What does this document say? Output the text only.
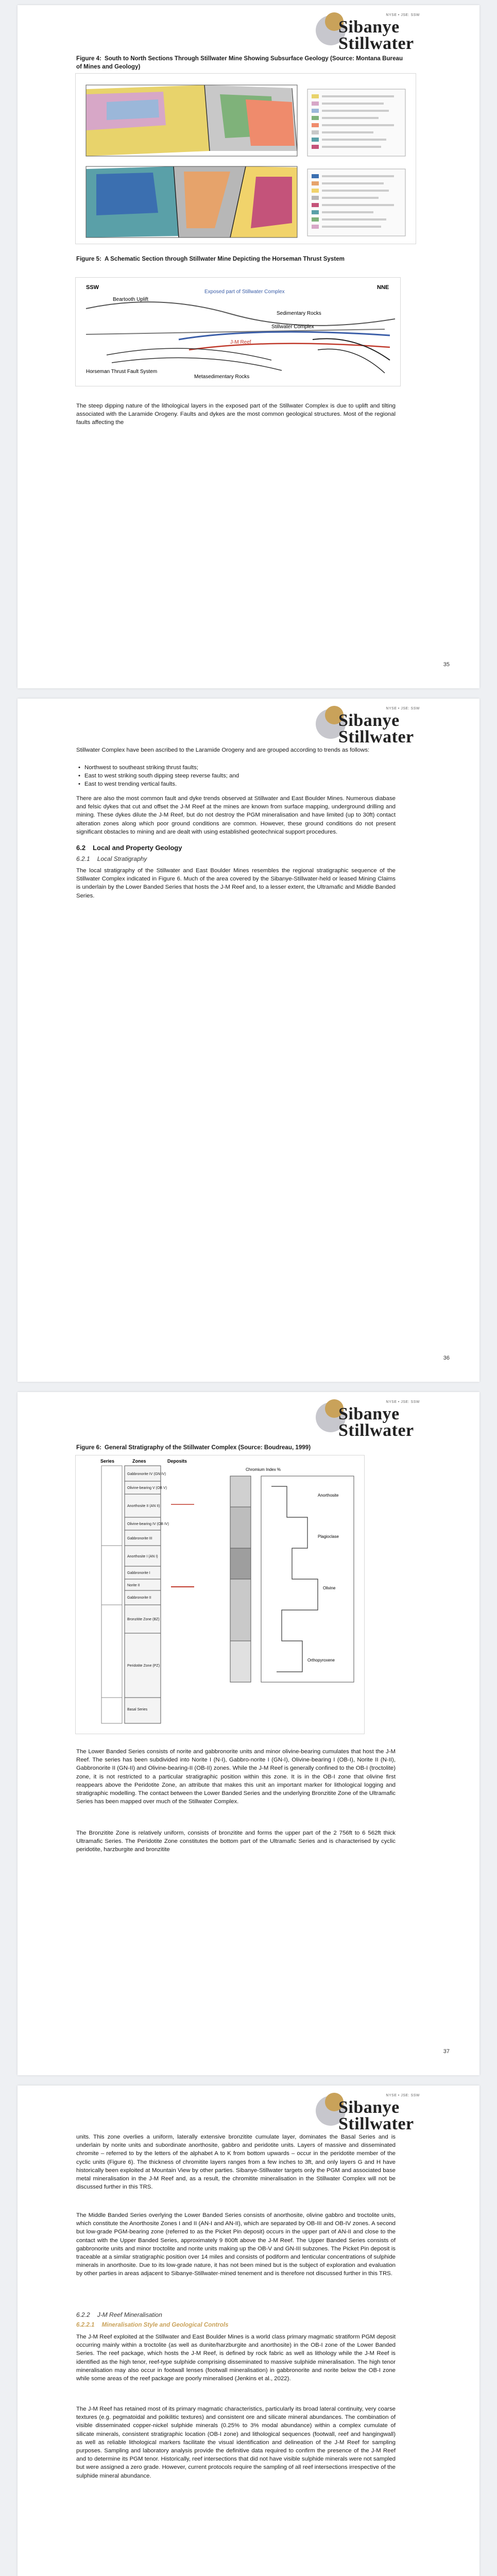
NYSE • JSE: SSW
Sibanye
Stillwater
Figure 4: South to North Sections Through Stillwater Mine Showing Subsurface Geology (Source: Montana Bureau of Mines and Geology)
Figure 5: A Schematic Section through Stillwater Mine Depicting the Horseman Thrust System
SSW	NNE
Beartooth Uplift
Exposed part of Stillwater Complex
Sedimentary Rocks
Stillwater Complex
J-M Reef
Horseman Thrust Fault System
Metasedimentary Rocks
The steep dipping nature of the lithological layers in the exposed part of the Stillwater Complex is due to uplift and tilting associated with the Laramide Orogeny. Faults and dykes are the most common geological structures. Most of the regional faults affecting the
35
NYSE • JSE: SSW
Sibanye
Stillwater
Stillwater Complex have been ascribed to the Laramide Orogeny and are grouped according to trends as follows:
• Northwest to southeast striking thrust faults;
• East to west striking south dipping steep reverse faults; and
• East to west trending vertical faults.
There are also the most common fault and dyke trends observed at Stillwater and East Boulder Mines. Numerous diabase and felsic dykes that cut and offset the J-M Reef at the mines are known from surface mapping, underground drilling and mining. These dykes dilute the J-M Reef, but do not destroy the PGM mineralisation and have limited (up to 30ft) contact alteration zones along which poor ground conditions are common. However, these ground conditions do not present significant obstacles to mining and are dealt with using established geotechnical support procedures.
6.2 Local and Property Geology
6.2.1 Local Stratigraphy
The local stratigraphy of the Stillwater and East Boulder Mines resembles the regional stratigraphic sequence of the Stillwater Complex indicated in Figure 6. Much of the area covered by the Sibanye-Stillwater-held or leased Mining Claims is underlain by the Lower Banded Series that hosts the J-M Reef and, to a lesser extent, the Ultramafic and Middle Banded Series.
36
NYSE • JSE: SSW
Sibanye
Stillwater
Figure 6: General Stratigraphy of the Stillwater Complex (Source: Boudreau, 1999)
Series	Zones	Deposits
Gabbronorite IV (GN IV)
Olivine-bearing V (OB V)
Anorthosite II (AN II)
Olivine-bearing IV (OB IV)
Gabbronorite III
Anorthosite I (AN I)
Gabbronorite I
Norite II
Gabbronorite II
Bronzitite Zone (BZ)
Peridotite Zone (PZ)
Basal Series
Chromium Index %
Anorthosite
Plagioclase
Olivine
Orthopyroxene
The Lower Banded Series consists of norite and gabbronorite units and minor olivine-bearing cumulates that host the J-M Reef. The series has been subdivided into Norite I (N-I), Gabbro-norite I (GN-I), Olivine-bearing I (OB-I), Norite II (N-II), Gabbronorite II (GN-II) and Olivine-bearing-II (OB-II) zones. While the J-M Reef is generally confined to the OB-I (troctolite) zone, it is not restricted to a particular stratigraphic position within this zone. It is in the OB-I zone that olivine first reappears above the Peridotite Zone, an attribute that makes this unit an important marker for lithological logging and stratigraphic modelling. The contact between the Lower Banded Series and the underlying Bronzitite Zone of the Ultramafic Series has been mapped over much of the Stillwater Complex.
The Bronzitite Zone is relatively uniform, consists of bronzitite and forms the upper part of the 2 756ft to 6 562ft thick Ultramafic Series. The Peridotite Zone constitutes the bottom part of the Ultramafic Series and is characterised by cyclic peridotite, harzburgite and bronzitite
37
NYSE • JSE: SSW
Sibanye
Stillwater
units. This zone overlies a uniform, laterally extensive bronzitite cumulate layer, dominates the Basal Series and is underlain by norite units and subordinate anorthosite, gabbro and peridotite units. Layers of massive and disseminated chromite – referred to by the letters of the alphabet A to K from bottom upwards – occur in the peridotite member of the cyclic units (Figure 6). The thickness of chromitite layers ranges from a few inches to 3ft, and only layers G and H have historically been exploited at Mountain View by other parties. Sibanye-Stillwater targets only the PGM and associated base metal mineralisation in the J-M Reef and, as a result, the chromitite mineralisation in the Stillwater Complex will not be discussed further in this TRS.
The Middle Banded Series overlying the Lower Banded Series consists of anorthosite, olivine gabbro and troctolite units, which constitute the Anorthosite Zones I and II (AN-I and AN-II), which are separated by OB-III and OB-IV zones. A second but low-grade PGM-bearing zone (referred to as the Picket Pin deposit) occurs in the upper part of AN-II and close to the contact with the Upper Banded Series, approximately 9 800ft above the J-M Reef. The Upper Banded Series consists of gabbronorite units and minor troctolite and norite units making up the OB-V and GN-III subzones. The Picket Pin deposit is traceable at a similar stratigraphic position over 14 miles and consists of podiform and lenticular concentrations of sulphide minerals in anorthosite. Due to its low-grade nature, it has not been mined but is the subject of exploration and evaluation by other parties in areas adjacent to Sibanye-Stillwater-mined tenement and is therefore not discussed further in this TRS.
6.2.2 J-M Reef Mineralisation
6.2.2.1 Mineralisation Style and Geological Controls
The J-M Reef exploited at the Stillwater and East Boulder Mines is a world class primary magmatic stratiform PGM deposit occurring mainly within a troctolite (as well as dunite/harzburgite and anorthosite) in the OB-I zone of the Lower Banded Series. The reef package, which hosts the J-M Reef, is defined by rock fabric as well as lithology while the J-M Reef is identified as the high tenor, reef-type sulphide comprising disseminated to massive sulphide mineralisation. The high tenor mineralisation may also occur in footwall lenses (footwall mineralisation) in gabbronorite and norite below the OB-I zone while some areas of the reef package are poorly mineralised (Jenkins et al., 2022).
The J-M Reef has retained most of its primary magmatic characteristics, particularly its broad lateral continuity, very coarse textures (e.g. pegmatoidal and poikilitic textures) and consistent ore and silicate mineral abundances. The combination of visible disseminated copper-nickel sulphide minerals (0.25% to 3% modal abundance) within a complex cumulate of silicate minerals, consistent stratigraphic location (OB-I zone) and lithological sequences (footwall, reef and hangingwall) as well as reliable lithological markers facilitate the visual identification and delineation of the J-M Reef for sampling purposes. Sampling and laboratory analysis provide the definitive data required to confirm the presence of the J-M Reef and to determine its PGM tenor. Historically, reef intersections that did not have visible sulphide minerals were not sampled but were assigned a zero grade. However, current protocols require the sampling of all reef intersections irrespective of the sulphide mineral abundance.
